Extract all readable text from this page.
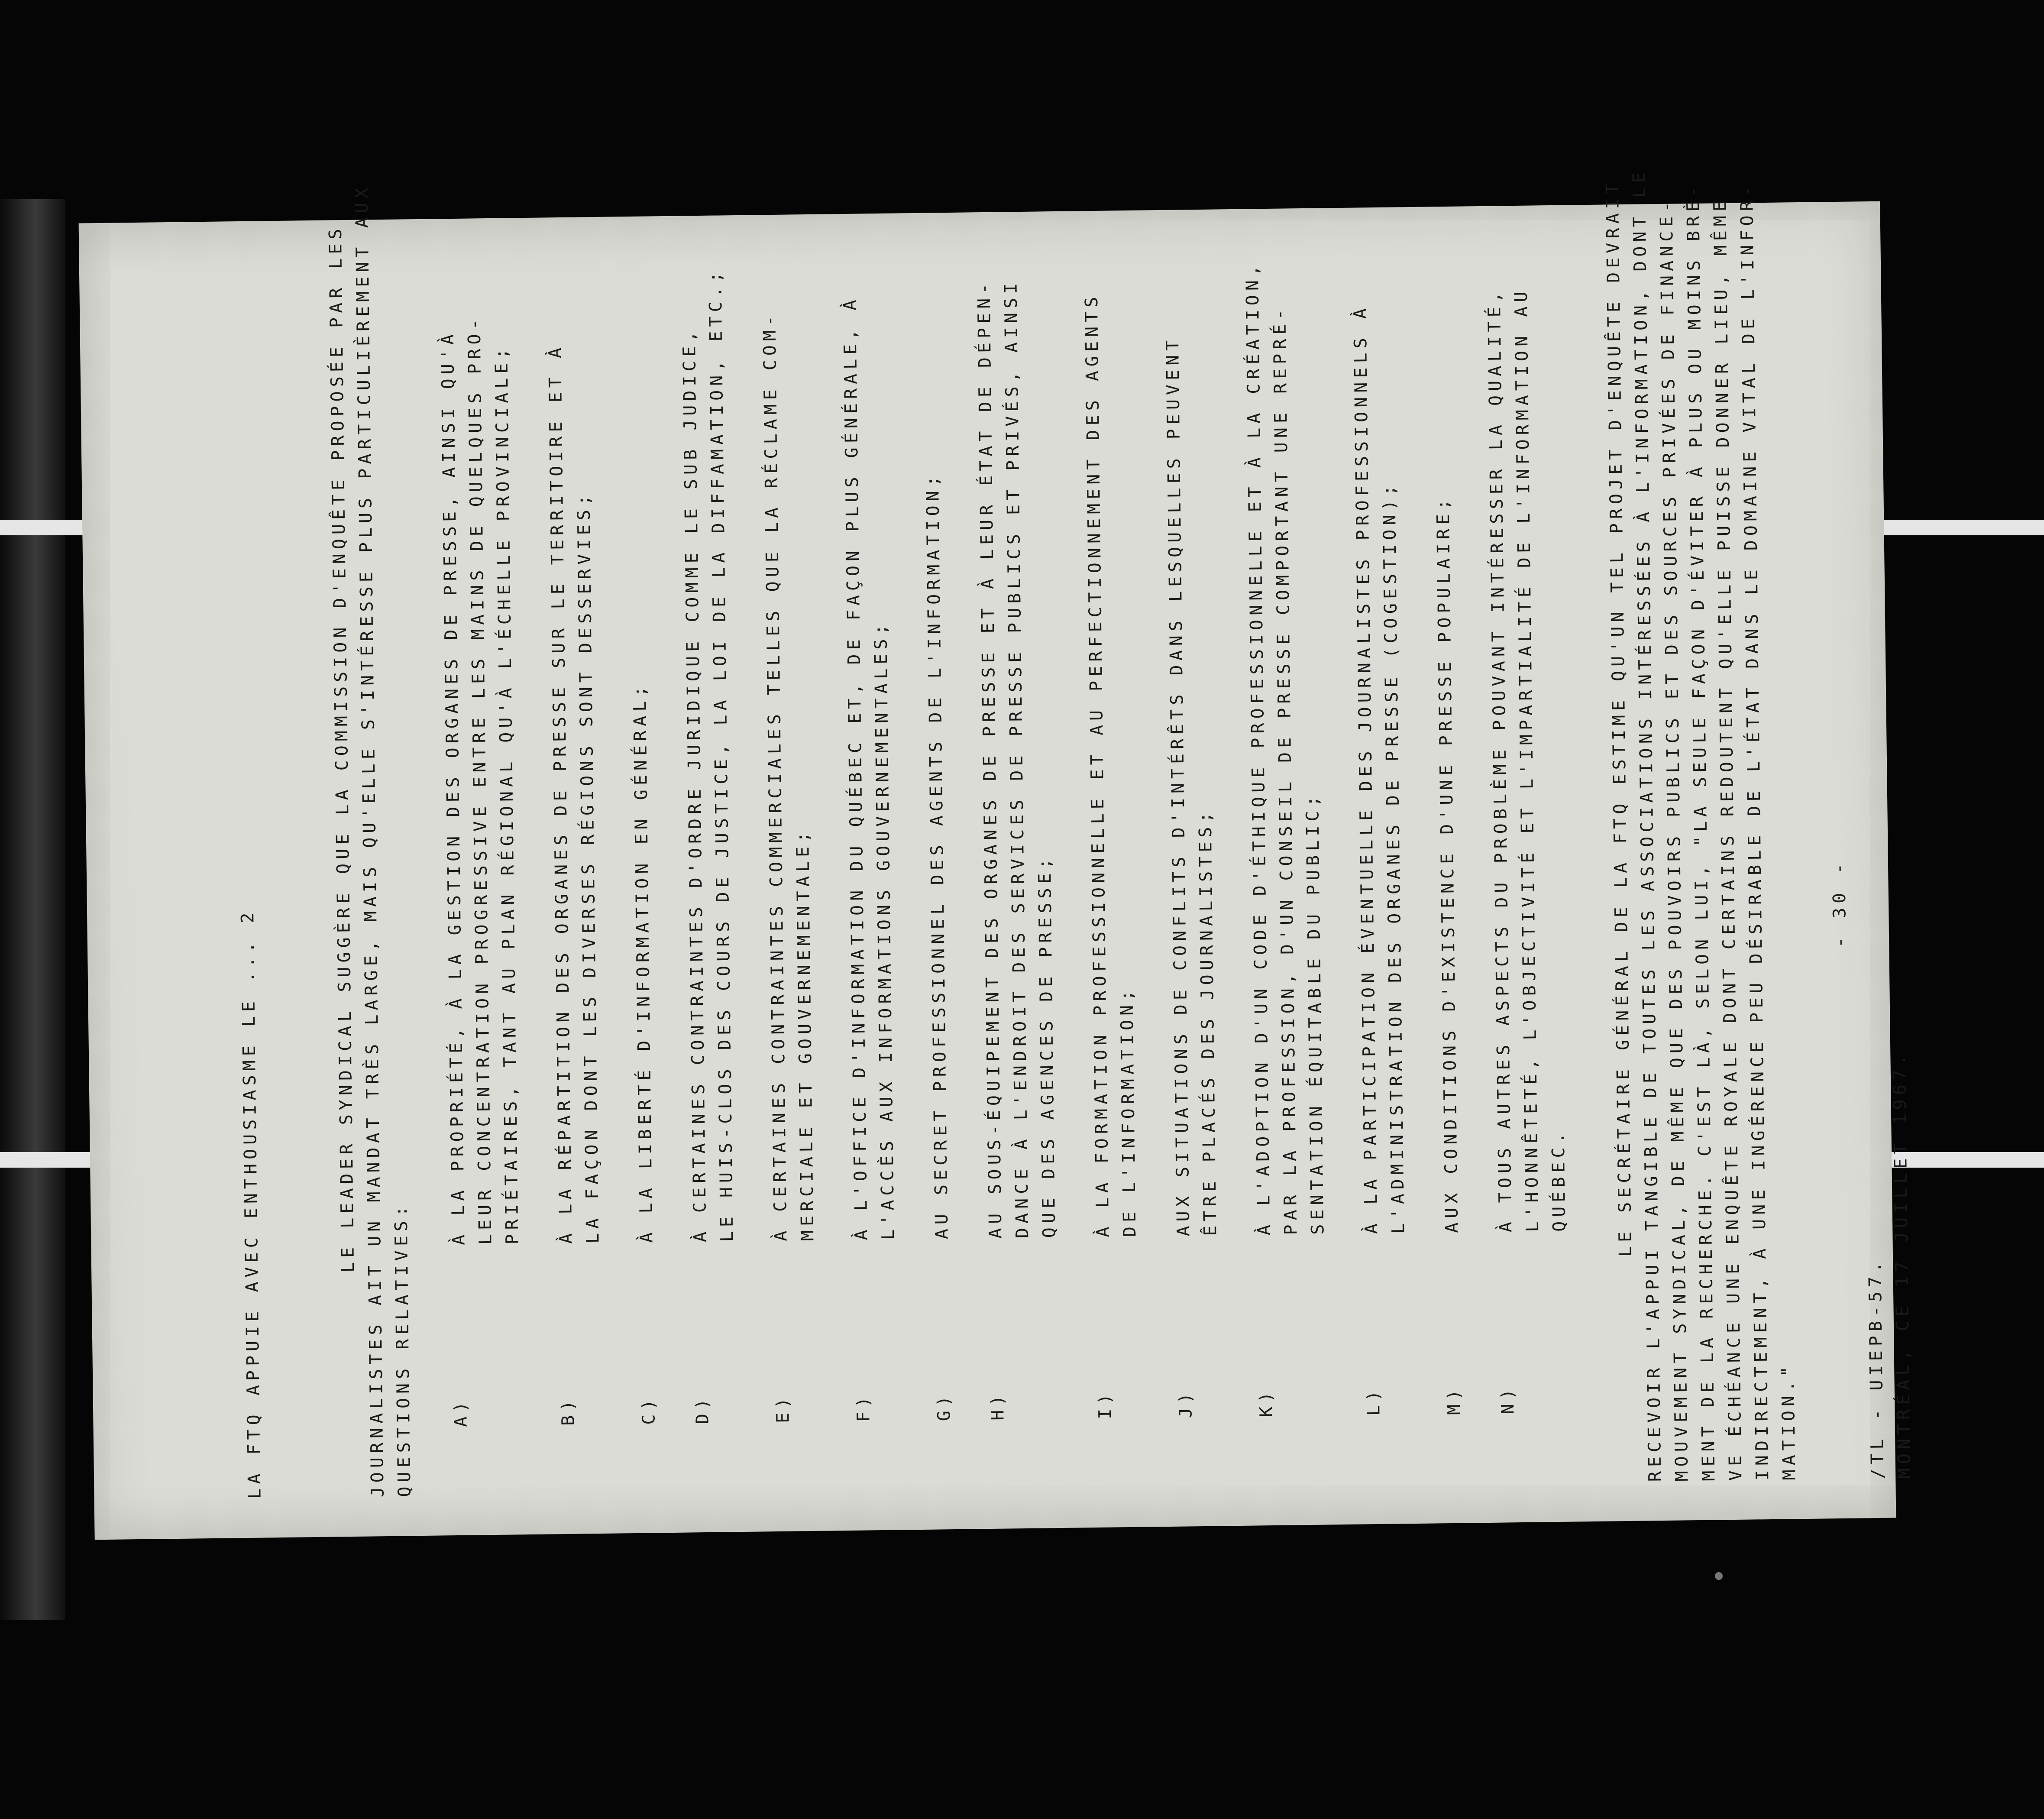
LA FTQ APPUIE AVEC ENTHOUSIASME LE ... 2	LE LEADER SYNDICAL SUGGÈRE QUE LA COMMISSION D'ENQUÊTE PROPOSÉE PAR LES
JOURNALISTES AIT UN MANDAT TRÈS LARGE, MAIS QU'ELLE S'INTÉRESSE PLUS PARTICULIÈREMENT AUX QUESTIONS RELATIVES: A)
À LA PROPRIÉTÉ, À LA GESTION DES ORGANES DE PRESSE, AINSI QU'À
LEUR CONCENTRATION PROGRESSIVE ENTRE LES MAINS DE QUELQUES PRO-
PRIÉTAIRES, TANT AU PLAN RÉGIONAL QU'À L'ÉCHELLE PROVINCIALE;
B)
À LA RÉPARTITION DES ORGANES DE PRESSE SUR LE TERRITOIRE ET À
LA FAÇON DONT LES DIVERSES RÉGIONS SONT DESSERVIES;
C)
À LA LIBERTÉ D'INFORMATION EN GÉNÉRAL;
D)
À CERTAINES CONTRAINTES D'ORDRE JURIDIQUE COMME LE SUB JUDICE,
LE HUIS-CLOS DES COURS DE JUSTICE, LA LOI DE LA DIFFAMATION, ETC.;
E)
À CERTAINES CONTRAINTES COMMERCIALES TELLES QUE LA RÉCLAME COM- MERCIALE ET GOUVERNEMENTALE;
F)
À L'OFFICE D'INFORMATION DU QUÉBEC ET, DE FAÇON PLUS GÉNÉRALE, À
L'ACCÈS AUX INFORMATIONS GOUVERNEMENTALES;
G)
AU SECRET PROFESSIONNEL DES AGENTS DE L'INFORMATION;
H)
AU SOUS-ÉQUIPEMENT DES ORGANES DE PRESSE ET À LEUR ÉTAT DE DÉPEN-
DANCE À L'ENDROIT DES SERVICES DE PRESSE PUBLICS ET PRIVÉS, AINSI QUE DES AGENCES DE PRESSE;
I)
À LA FORMATION PROFESSIONNELLE ET AU PERFECTIONNEMENT DES AGENTS DE L'INFORMATION;
J)
AUX SITUATIONS DE CONFLITS D'INTÉRÊTS DANS LESQUELLES PEUVENT ÊTRE PLACÉS DES JOURNALISTES;
K)
À L'ADOPTION D'UN CODE D'ÉTHIQUE PROFESSIONNELLE ET À LA CRÉATION,
PAR LA PROFESSION, D'UN CONSEIL DE PRESSE COMPORTANT UNE REPRÉ- SENTATION ÉQUITABLE DU PUBLIC;
L)
À LA PARTICIPATION ÉVENTUELLE DES JOURNALISTES PROFESSIONNELS À
L'ADMINISTRATION DES ORGANES DE PRESSE (COGESTION);
M)
AUX CONDITIONS D'EXISTENCE D'UNE PRESSE POPULAIRE;
N)
À TOUS AUTRES ASPECTS DU PROBLÈME POUVANT INTÉRESSER LA QUALITÉ,
L'HONNÊTETÉ, L'OBJECTIVITÉ ET L'IMPARTIALITÉ DE L'INFORMATION AU QUÉBEC. LE SECRÉTAIRE GÉNÉRAL DE LA FTQ ESTIME QU'UN TEL PROJET D'ENQUÊTE DEVRAIT
RECEVOIR L'APPUI TANGIBLE DE TOUTES LES ASSOCIATIONS INTÉRESSÉES À L'INFORMATION, DONT LE
MOUVEMENT SYNDICAL, DE MÊME QUE DES POUVOIRS PUBLICS ET DES SOURCES PRIVÉES DE FINANCE-
MENT DE LA RECHERCHE. C'EST LÀ, SELON LUI, "LA SEULE FAÇON D'ÉVITER À PLUS OU MOINS BRÈ-
VE ÉCHÉANCE UNE ENQUÊTE ROYALE DONT CERTAINS REDOUTENT QU'ELLE PUISSE DONNER LIEU, MÊME
INDIRECTEMENT, À UNE INGÉRENCE PEU DÉSIRABLE DE L'ÉTAT DANS LE DOMAINE VITAL DE L'INFOR- MATION."
- 30 -
/TL - UIEPB-57. MONTRÉAL, CE 17 JUILLET 1967.
